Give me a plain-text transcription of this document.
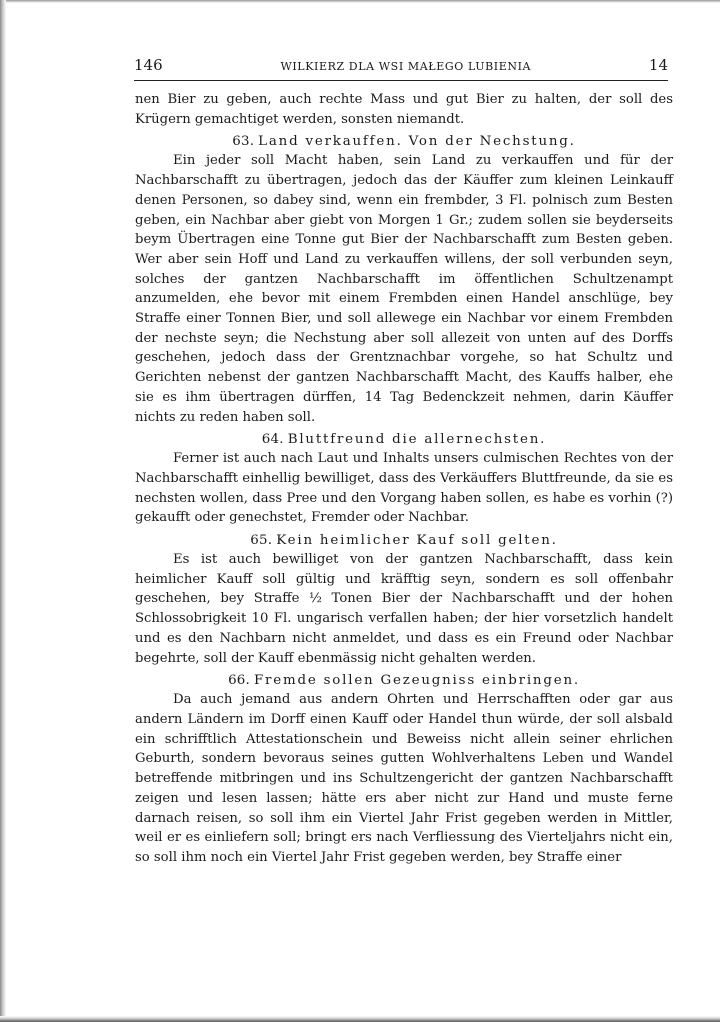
146	WILKIERZ DLA WSI MAŁEGO LUBIENIA	14

nen Bier zu geben, auch rechte Mass und gut Bier zu halten, der soll des Krügern gemachtiget werden, sonsten niemandt.

63. Land verkauffen. Von der Nechstung.

Ein jeder soll Macht haben, sein Land zu verkauffen und für der Nachbarschafft zu übertragen, jedoch das der Käuffer zum kleinen Leinkauff denen Personen, so dabey sind, wenn ein frembder, 3 Fl. polnisch zum Besten geben, ein Nachbar aber giebt von Morgen 1 Gr.; zudem sollen sie beyderseits beym Übertragen eine Tonne gut Bier der Nachbarschafft zum Besten geben. Wer aber sein Hoff und Land zu verkauffen willens, der soll verbunden seyn, solches der gantzen Nachbarschafft im öffentlichen Schultzenampt anzumelden, ehe bevor mit einem Frembden einen Handel anschlüge, bey Straffe einer Tonnen Bier, und soll allewege ein Nachbar vor einem Frembden der nechste seyn; die Nechstung aber soll allezeit von unten auf des Dorffs geschehen, jedoch dass der Grentznachbar vorgehe, so hat Schultz und Gerichten nebenst der gantzen Nachbarschafft Macht, des Kauffs halber, ehe sie es ihm übertragen dürffen, 14 Tag Bedenckzeit nehmen, darin Käuffer nichts zu reden haben soll.

64. Bluttfreund die allernechsten.

Ferner ist auch nach Laut und Inhalts unsers culmischen Rechtes von der Nachbarschafft einhellig bewilliget, dass des Verkäuffers Bluttfreunde, da sie es nechsten wollen, dass Pree und den Vorgang haben sollen, es habe es vorhin (?) gekaufft oder genechstet, Fremder oder Nachbar.

65. Kein heimlicher Kauf soll gelten.

Es ist auch bewilliget von der gantzen Nachbarschafft, dass kein heimlicher Kauff soll gültig und kräfftig seyn, sondern es soll offenbahr geschehen, bey Straffe ½ Tonen Bier der Nachbarschafft und der hohen Schlossobrigkeit 10 Fl. ungarisch verfallen haben; der hier vorsetzlich handelt und es den Nachbarn nicht anmeldet, und dass es ein Freund oder Nachbar begehrte, soll der Kauff ebenmässig nicht gehalten werden.

66. Fremde sollen Gezeugniss einbringen.

Da auch jemand aus andern Ohrten und Herrschafften oder gar aus andern Ländern im Dorff einen Kauff oder Handel thun würde, der soll alsbald ein schrifftlich Attestationschein und Beweiss nicht allein seiner ehrlichen Geburth, sondern bevoraus seines gutten Wohlverhaltens Leben und Wandel betreffende mitbringen und ins Schultzengericht der gantzen Nachbarschafft zeigen und lesen lassen; hätte ers aber nicht zur Hand und muste ferne darnach reisen, so soll ihm ein Viertel Jahr Frist gegeben werden in Mittler, weil er es einliefern soll; bringt ers nach Verfliessung des Vierteljahrs nicht ein, so soll ihm noch ein Viertel Jahr Frist gegeben werden, bey Straffe einer
